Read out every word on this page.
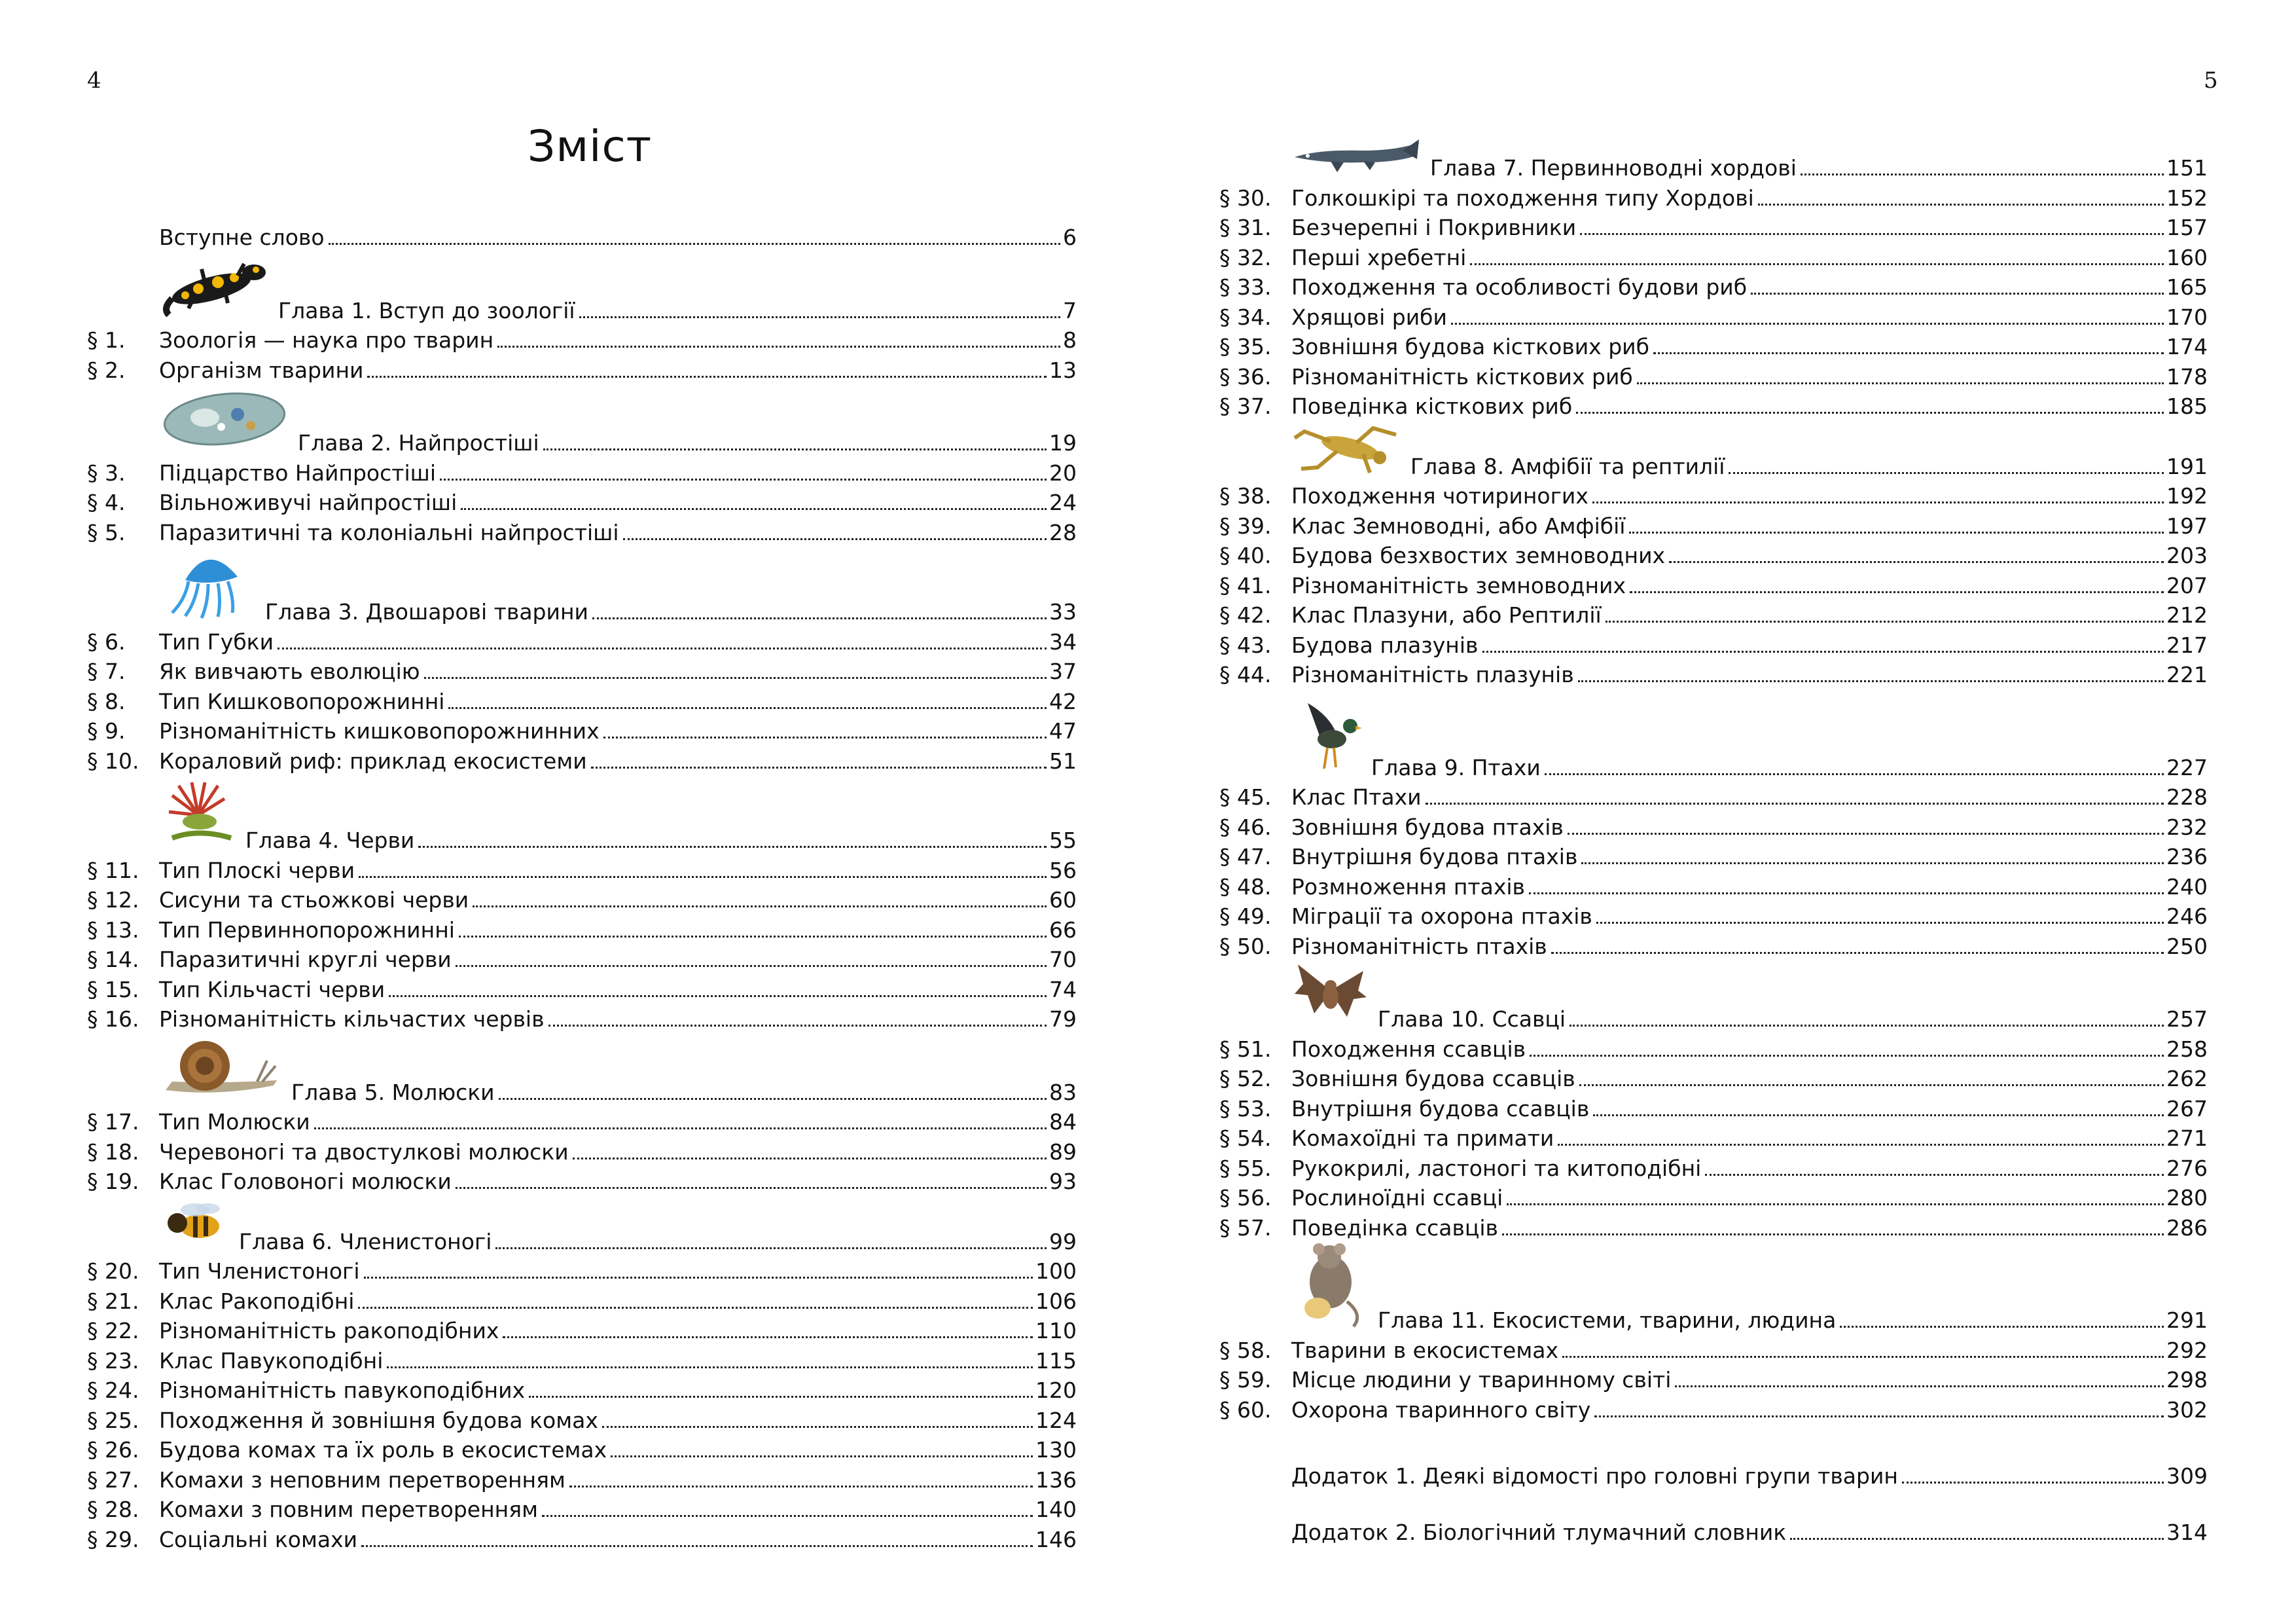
4	5
Зміст
Вступне слово	6
Глава 1. Вступ до зоології	7
§ 1.	Зоологія — наука про тварин	8
§ 2.	Організм тварини	13
Глава 2. Найпростіші	19
§ 3.	Підцарство Найпростіші	20
§ 4.	Вільноживучі найпростіші	24
§ 5.	Паразитичні та колоніальні найпростіші	28
Глава 3. Двошарові тварини	33
§ 6.	Тип Губки	34
§ 7.	Як вивчають еволюцію	37
§ 8.	Тип Кишковопорожнинні	42
§ 9.	Різноманітність кишковопорожнинних	47
§ 10. Кораловий риф: приклад екосистеми	51
Глава 4. Черви	55
§ 11. Тип Плоскі черви	56
§ 12. Сисуни та стьожкові черви	60
§ 13. Тип Первиннопорожнинні	66
§ 14. Паразитичні круглі черви	70
§ 15. Тип Кільчасті черви	74
§ 16. Різноманітність кільчастих червів	79
Глава 5. Молюски	83
§ 17. Тип Молюски	84
§ 18. Черевоногі та двостулкові молюски	89
§ 19. Клас Головоногі молюски	93
Глава 6. Членистоногі	99
§ 20. Тип Членистоногі	100
§ 21. Клас Ракоподібні	106
§ 22. Різноманітність ракоподібних	110
§ 23. Клас Павукоподібні	115
§ 24. Різноманітність павукоподібних	120
§ 25. Походження й зовнішня будова комах	124
§ 26. Будова комах та їх роль в екосистемах	130
§ 27. Комахи з неповним перетворенням	136
§ 28. Комахи з повним перетворенням	140
§ 29. Соціальні комахи	146
Глава 7. Первинноводні хордові	151
§ 30. Голкошкірі та походження типу Хордові	152
§ 31. Безчерепні і Покривники	157
§ 32. Перші хребетні	160
§ 33. Походження та особливості будови риб	165
§ 34. Хрящові риби	170
§ 35. Зовнішня будова кісткових риб	174
§ 36. Різноманітність кісткових риб	178
§ 37. Поведінка кісткових риб	185
Глава 8. Амфібії та рептилії	191
§ 38. Походження чотириногих	192
§ 39. Клас Земноводні, або Амфібії	197
§ 40. Будова безхвостих земноводних	203
§ 41. Різноманітність земноводних	207
§ 42. Клас Плазуни, або Рептилії	212
§ 43. Будова плазунів	217
§ 44. Різноманітність плазунів	221
Глава 9. Птахи	227
§ 45. Клас Птахи	228
§ 46. Зовнішня будова птахів	232
§ 47. Внутрішня будова птахів	236
§ 48. Розмноження птахів	240
§ 49. Міграції та охорона птахів	246
§ 50. Різноманітність птахів	250
Глава 10. Ссавці	257
§ 51. Походження ссавців	258
§ 52. Зовнішня будова ссавців	262
§ 53. Внутрішня будова ссавців	267
§ 54. Комахоїдні та примати	271
§ 55. Рукокрилі, ластоногі та китоподібні	276
§ 56. Рослиноїдні ссавці	280
§ 57. Поведінка ссавців	286
Глава 11. Екосистеми, тварини, людина	291
§ 58. Тварини в екосистемах	292
§ 59. Місце людини у тваринному світі	298
§ 60. Охорона тваринного світу	302
Додаток 1. Деякі відомості про головні групи тварин	309
Додаток 2. Біологічний тлумачний словник	314
